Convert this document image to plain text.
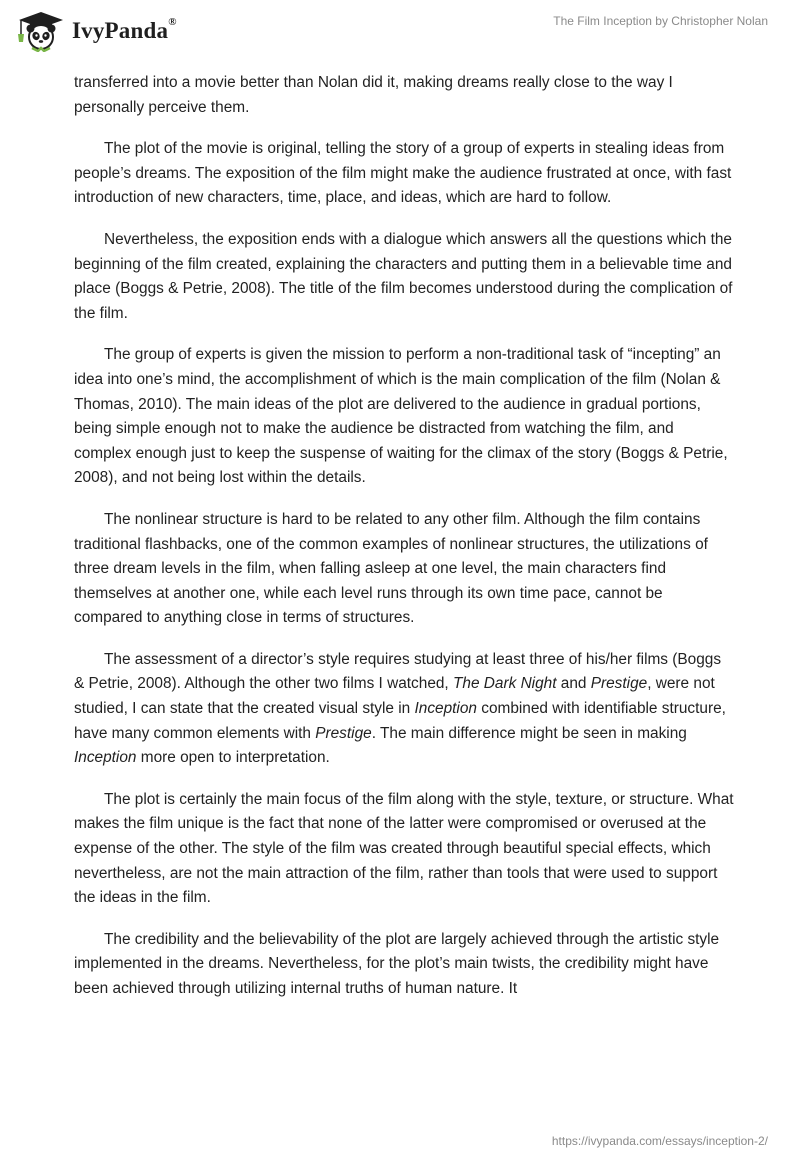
IvyPanda®	The Film Inception by Christopher Nolan

transferred into a movie better than Nolan did it, making dreams really close to the way I personally perceive them.

The plot of the movie is original, telling the story of a group of experts in stealing ideas from people’s dreams. The exposition of the film might make the audience frustrated at once, with fast introduction of new characters, time, place, and ideas, which are hard to follow.

Nevertheless, the exposition ends with a dialogue which answers all the questions which the beginning of the film created, explaining the characters and putting them in a believable time and place (Boggs & Petrie, 2008). The title of the film becomes understood during the complication of the film.

The group of experts is given the mission to perform a non-traditional task of “incepting” an idea into one’s mind, the accomplishment of which is the main complication of the film (Nolan & Thomas, 2010). The main ideas of the plot are delivered to the audience in gradual portions, being simple enough not to make the audience be distracted from watching the film, and complex enough just to keep the suspense of waiting for the climax of the story (Boggs & Petrie, 2008), and not being lost within the details.

The nonlinear structure is hard to be related to any other film. Although the film contains traditional flashbacks, one of the common examples of nonlinear structures, the utilizations of three dream levels in the film, when falling asleep at one level, the main characters find themselves at another one, while each level runs through its own time pace, cannot be compared to anything close in terms of structures.

The assessment of a director’s style requires studying at least three of his/her films (Boggs & Petrie, 2008). Although the other two films I watched, The Dark Night and Prestige, were not studied, I can state that the created visual style in Inception combined with identifiable structure, have many common elements with Prestige. The main difference might be seen in making Inception more open to interpretation.

The plot is certainly the main focus of the film along with the style, texture, or structure. What makes the film unique is the fact that none of the latter were compromised or overused at the expense of the other. The style of the film was created through beautiful special effects, which nevertheless, are not the main attraction of the film, rather than tools that were used to support the ideas in the film.

The credibility and the believability of the plot are largely achieved through the artistic style implemented in the dreams. Nevertheless, for the plot’s main twists, the credibility might have been achieved through utilizing internal truths of human nature. It

https://ivypanda.com/essays/inception-2/
